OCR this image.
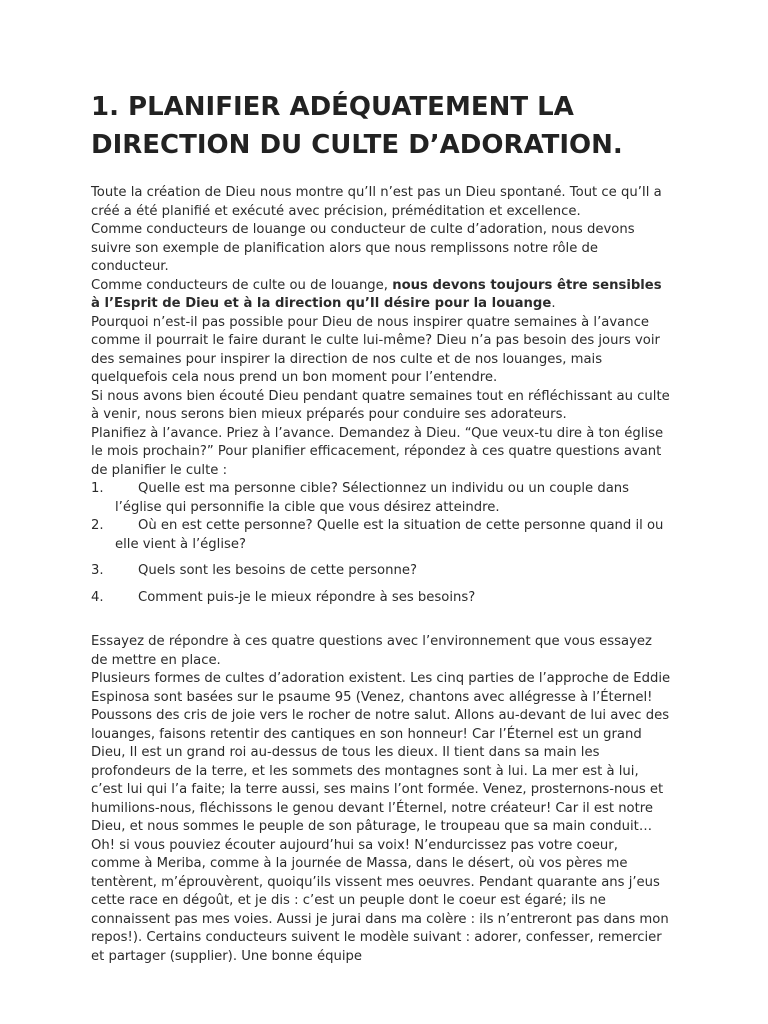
1. PLANIFIER ADÉQUATEMENT LA DIRECTION DU CULTE D’ADORATION.

Toute la création de Dieu nous montre qu’Il n’est pas un Dieu spontané. Tout ce qu’Il a créé a été planifié et exécuté avec précision, préméditation et excellence.

Comme conducteurs de louange ou conducteur de culte d’adoration, nous devons suivre son exemple de planification alors que nous remplissons notre rôle de conducteur.

Comme conducteurs de culte ou de louange, nous devons toujours être sensibles à l’Esprit de Dieu et à la direction qu’Il désire pour la louange.

Pourquoi n’est-il pas possible pour Dieu de nous inspirer quatre semaines à l’avance comme il pourrait le faire durant le culte lui-même? Dieu n’a pas besoin des jours voir des semaines pour inspirer la direction de nos culte et de nos louanges, mais quelquefois cela nous prend un bon moment pour l’entendre.

Si nous avons bien écouté Dieu pendant quatre semaines tout en réfléchissant au culte à venir, nous serons bien mieux préparés pour conduire ses adorateurs.

Planifiez à l’avance. Priez à l’avance. Demandez à Dieu. “Que veux-tu dire à ton église le mois prochain?” Pour planifier efficacement, répondez à ces quatre questions avant de planifier le culte :

1.	Quelle est ma personne cible? Sélectionnez un individu ou un couple dans l’église qui personnifie la cible que vous désirez atteindre.
2.	Où en est cette personne? Quelle est la situation de cette personne quand il ou elle vient à l’église?
3.	Quels sont les besoins de cette personne?
4.	Comment puis-je le mieux répondre à ses besoins?

Essayez de répondre à ces quatre questions avec l’environnement que vous essayez de mettre en place.

Plusieurs formes de cultes d’adoration existent. Les cinq parties de l’approche de Eddie Espinosa sont basées sur le psaume 95 (Venez, chantons avec allégresse à l’Éternel! Poussons des cris de joie vers le rocher de notre salut. Allons au-devant de lui avec des louanges, faisons retentir des cantiques en son honneur! Car l’Éternel est un grand Dieu, Il est un grand roi au-dessus de tous les dieux. Il tient dans sa main les profondeurs de la terre, et les sommets des montagnes sont à lui. La mer est à lui, c’est lui qui l’a faite; la terre aussi, ses mains l’ont formée. Venez, prosternons-nous et humilions-nous, fléchissons le genou devant l’Éternel, notre créateur! Car il est notre Dieu, et nous sommes le peuple de son pâturage, le troupeau que sa main conduit… Oh! si vous pouviez écouter aujourd’hui sa voix! N’endurcissez pas votre coeur, comme à Meriba, comme à la journée de Massa, dans le désert, où vos pères me tentèrent, m’éprouvèrent, quoiqu’ils vissent mes oeuvres. Pendant quarante ans j’eus cette race en dégoût, et je dis : c’est un peuple dont le coeur est égaré; ils ne connaissent pas mes voies. Aussi je jurai dans ma colère : ils n’entreront pas dans mon repos!). Certains conducteurs suivent le modèle suivant : adorer, confesser, remercier et partager (supplier). Une bonne équipe
